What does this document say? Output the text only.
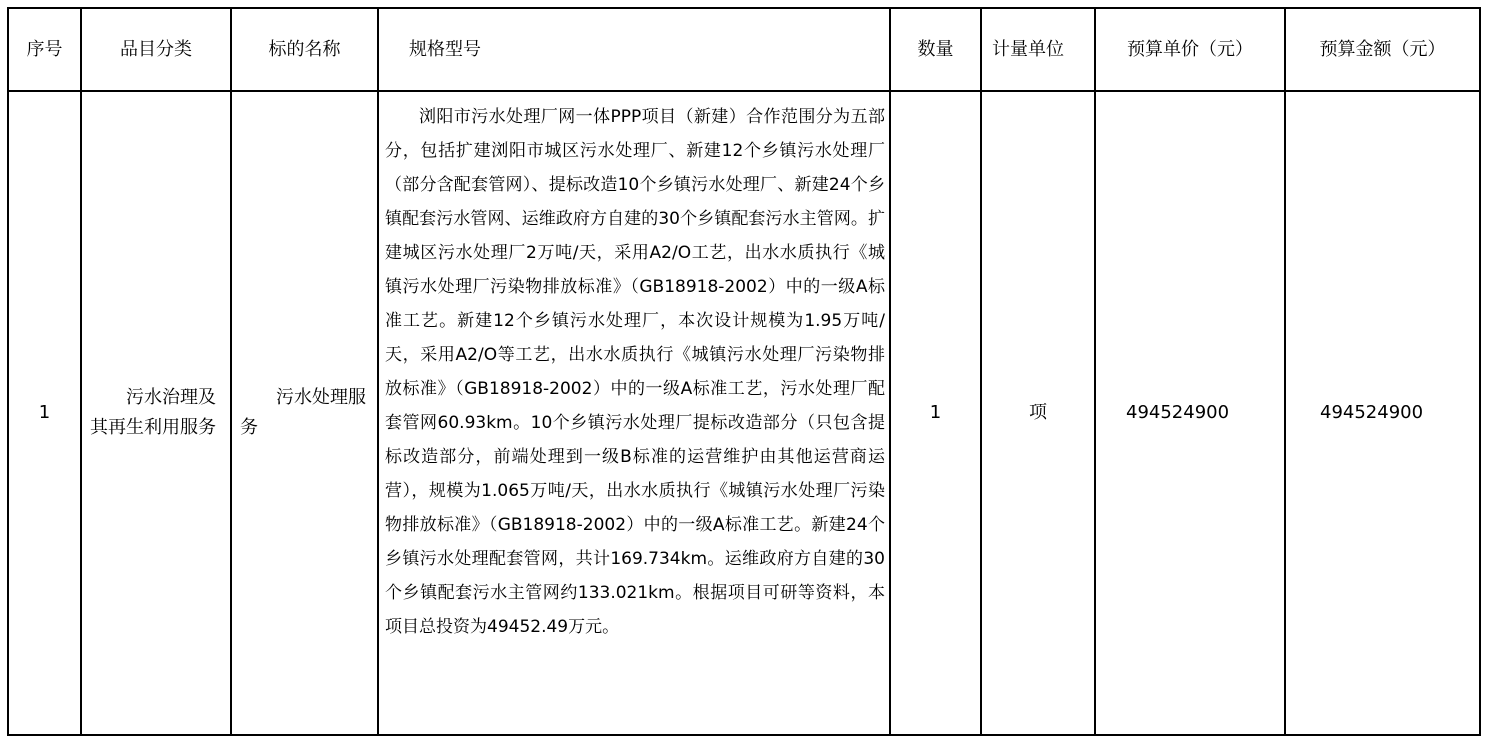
序号	品目分类	标的名称	规格型号	数量	计量单位	预算单价（元）	预算金额（元）
1	污水治理及其再生利用服务	污水处理服务	浏阳市污水处理厂网一体PPP项目（新建）合作范围分为五部分，包括扩建浏阳市城区污水处理厂、新建12个乡镇污水处理厂（部分含配套管网）、提标改造10个乡镇污水处理厂、新建24个乡镇配套污水管网、运维政府方自建的30个乡镇配套污水主管网。扩建城区污水处理厂2万吨/天，采用A2/O工艺，出水水质执行《城镇污水处理厂污染物排放标准》（GB18918-2002）中的一级A标准工艺。新建12个乡镇污水处理厂，本次设计规模为1.95万吨/天，采用A2/O等工艺，出水水质执行《城镇污水处理厂污染物排放标准》（GB18918-2002）中的一级A标准工艺，污水处理厂配套管网60.93km。10个乡镇污水处理厂提标改造部分（只包含提标改造部分，前端处理到一级B标准的运营维护由其他运营商运营），规模为1.065万吨/天，出水水质执行《城镇污水处理厂污染物排放标准》（GB18918-2002）中的一级A标准工艺。新建24个乡镇污水处理配套管网，共计169.734km。运维政府方自建的30个乡镇配套污水主管网约133.021km。根据项目可研等资料，本项目总投资为49452.49万元。	1	项	494524900	494524900
